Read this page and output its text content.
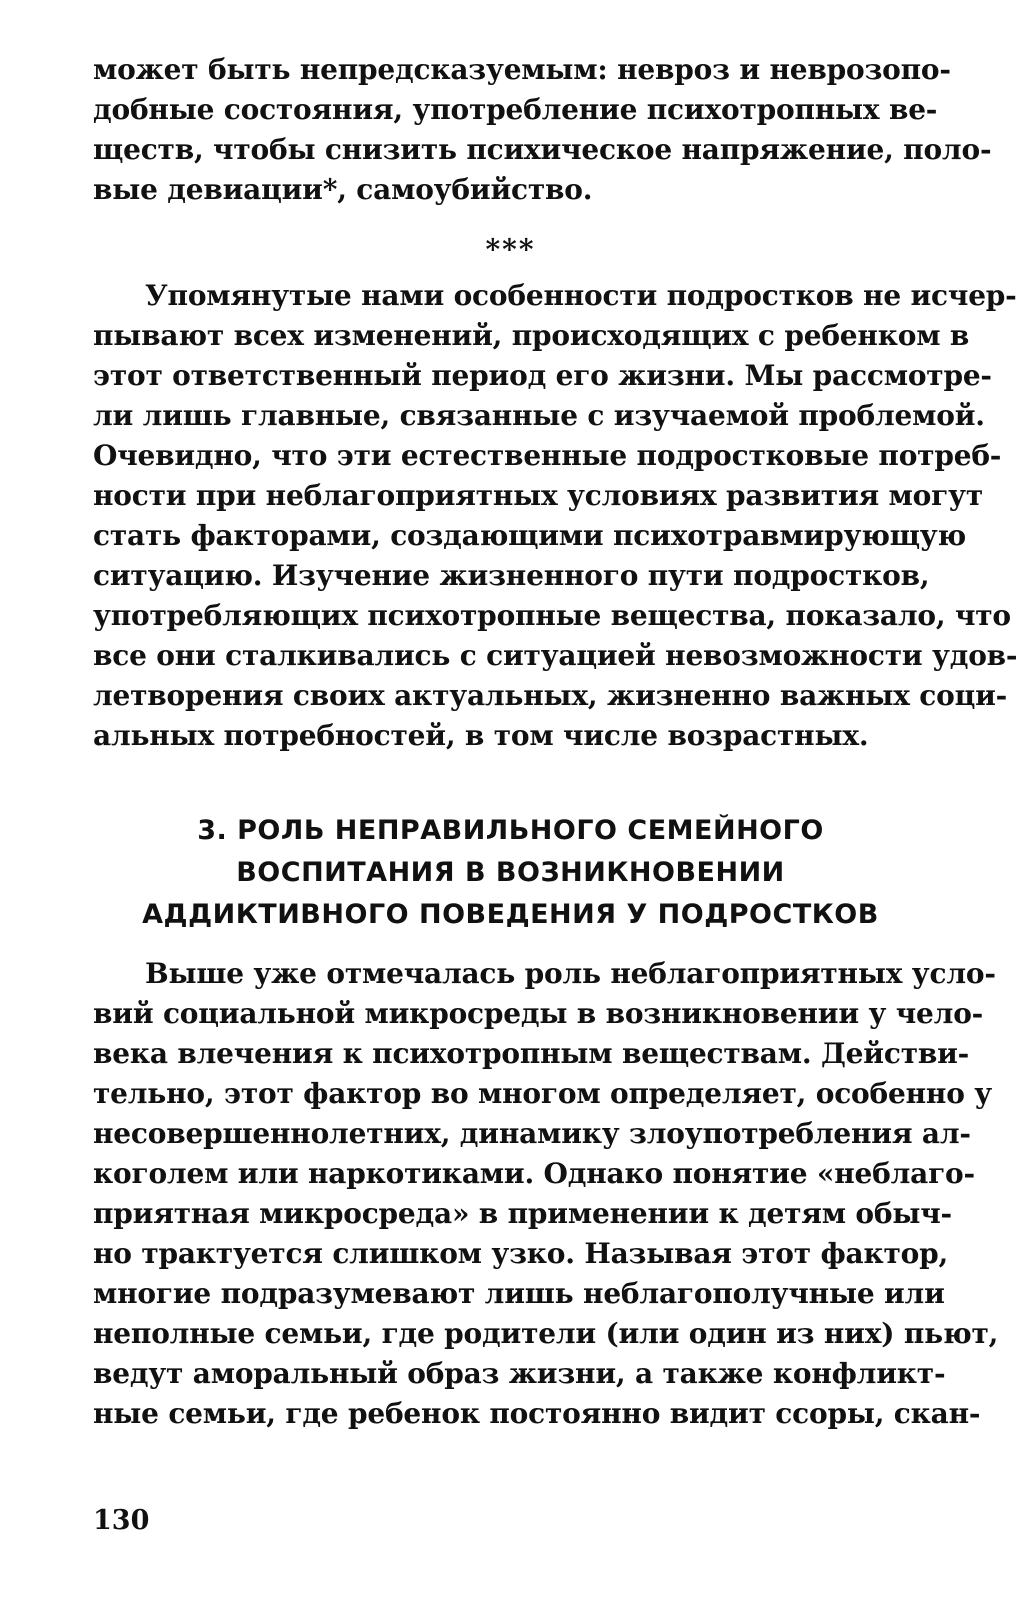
может быть непредсказуемым: невроз и неврозопо-
добные состояния, употребление психотропных ве-
ществ, чтобы снизить психическое напряжение, поло-
вые девиации*, самоубийство.
***
Упомянутые нами особенности подростков не исчер-
пывают всех изменений, происходящих с ребенком в
этот ответственный период его жизни. Мы рассмотре-
ли лишь главные, связанные с изучаемой проблемой.
Очевидно, что эти естественные подростковые потреб-
ности при неблагоприятных условиях развития могут
стать факторами, создающими психотравмирующую
ситуацию. Изучение жизненного пути подростков,
употребляющих психотропные вещества, показало, что
все они сталкивались с ситуацией невозможности удов-
летворения своих актуальных, жизненно важных соци-
альных потребностей, в том числе возрастных.
3. РОЛЬ НЕПРАВИЛЬНОГО СЕМЕЙНОГО
ВОСПИТАНИЯ В ВОЗНИКНОВЕНИИ
АДДИКТИВНОГО ПОВЕДЕНИЯ У ПОДРОСТКОВ
Выше уже отмечалась роль неблагоприятных усло-
вий социальной микросреды в возникновении у чело-
века влечения к психотропным веществам. Действи-
тельно, этот фактор во многом определяет, особенно у
несовершеннолетних, динамику злоупотребления ал-
коголем или наркотиками. Однако понятие «неблаго-
приятная микросреда» в применении к детям обыч-
но трактуется слишком узко. Называя этот фактор,
многие подразумевают лишь неблагополучные или
неполные семьи, где родители (или один из них) пьют,
ведут аморальный образ жизни, а также конфликт-
ные семьи, где ребенок постоянно видит ссоры, скан-
130
